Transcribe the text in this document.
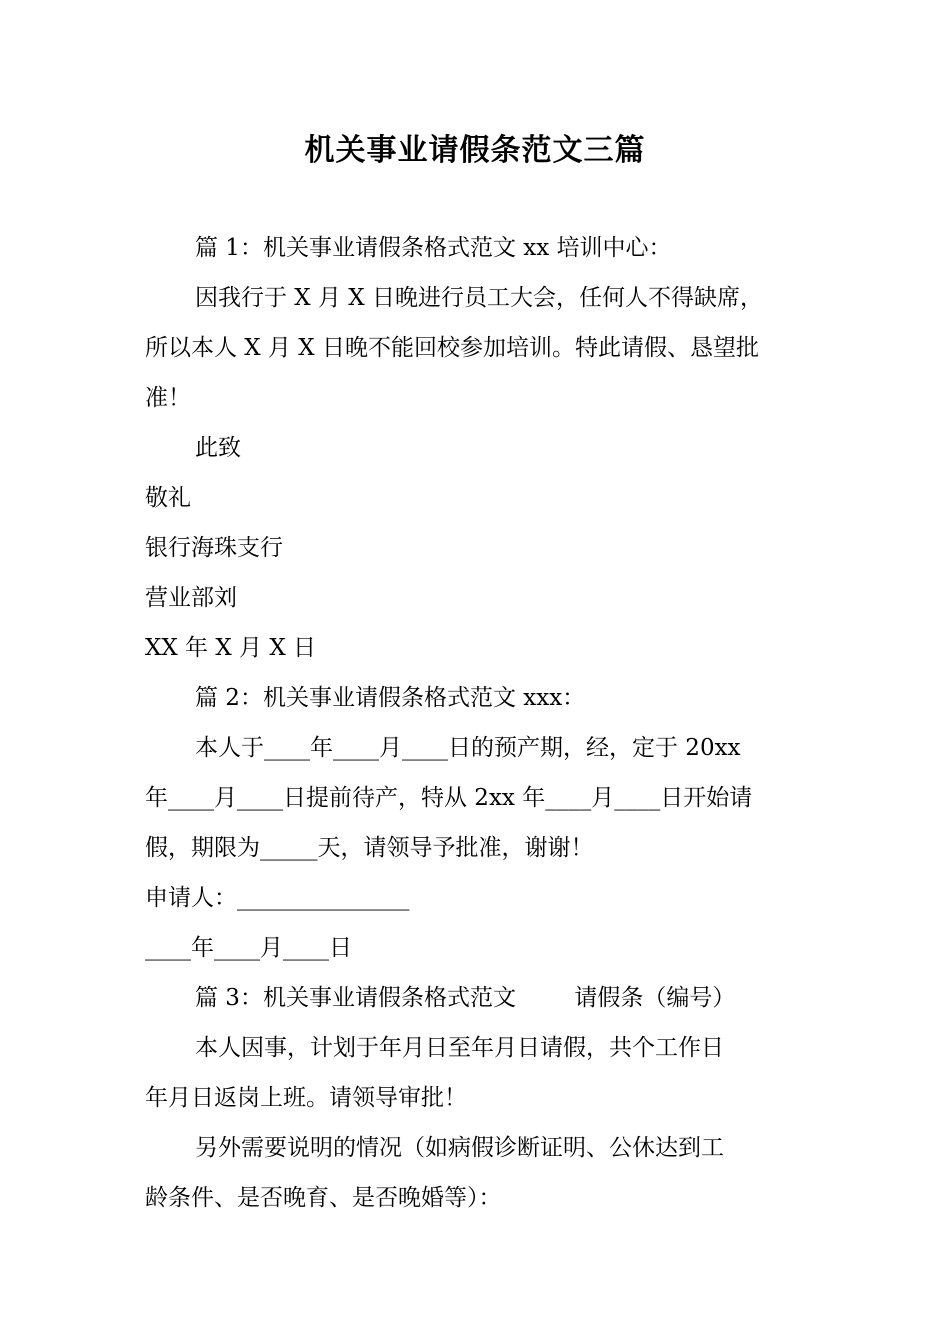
机关事业请假条范文三篇
篇 1：机关事业请假条格式范文 xx 培训中心：
因我行于 X 月 X 日晚进行员工大会，任何人不得缺席，
所以本人 X 月 X 日晚不能回校参加培训。特此请假、恳望批
准！
此致
敬礼
银行海珠支行
营业部刘
XX 年 X 月 X 日
篇 2：机关事业请假条格式范文 xxx：
本人于____年____月____日的预产期，经，定于 20xx
年____月____日提前待产，特从 2xx 年____月____日开始请
假，期限为_____天，请领导予批准，谢谢！
申请人：_______________
____年____月____日
篇 3：机关事业请假条格式范文        请假条（编号）
本人因事，计划于年月日至年月日请假，共个工作日
年月日返岗上班。请领导审批！
另外需要说明的情况（如病假诊断证明、公休达到工
龄条件、是否晚育、是否晚婚等）：
